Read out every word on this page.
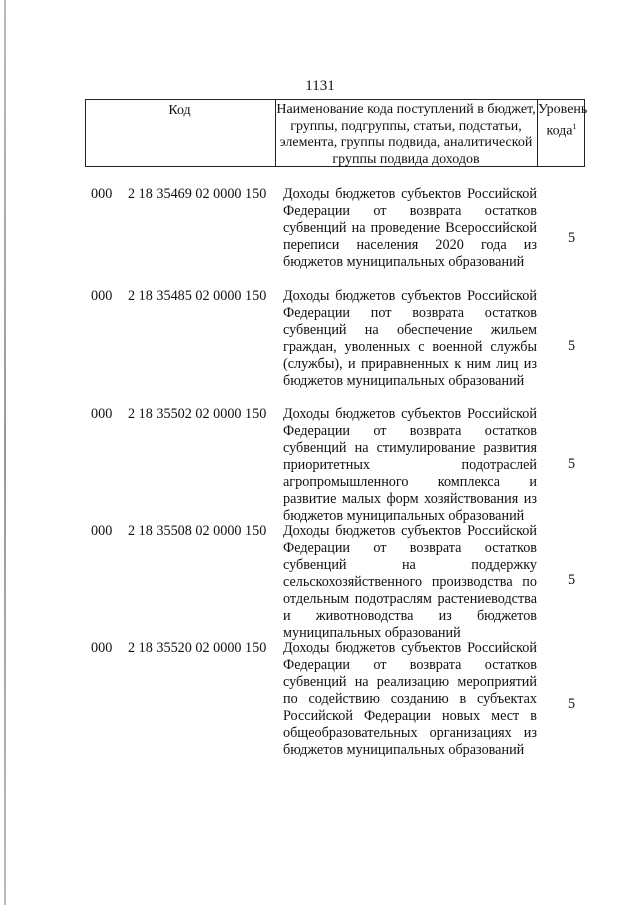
1131
Код	Наименование кода поступлений в бюджет, группы, подгруппы, статьи, подстатьи, элемента, группы подвида, аналитической группы подвида доходов
Уровень кода$^1$
000 2 18 35469 02 0000 150 Доходы бюджетов субъектов Российской Федерации от возврата остатков субвенций на проведение Всероссийской переписи населения 2020 года из бюджетов муниципальных образований
5
000 2 18 35485 02 0000 150 Доходы бюджетов субъектов Российской Федерации пот возврата остатков субвенций на обеспечение жильем граждан, уволенных с военной службы (службы), и приравненных к ним лиц из бюджетов муниципальных образований
5
000 2 18 35502 02 0000 150 Доходы бюджетов субъектов Российской Федерации от возврата остатков субвенций на стимулирование развития приоритетных подотраслей агропромышленного комплекса и развитие малых форм хозяйствования из бюджетов муниципальных образований
5
000 2 18 35508 02 0000 150 Доходы бюджетов субъектов Российской Федерации от возврата остатков субвенций на поддержку сельскохозяйственного производства по отдельным подотраслям растениеводства и животноводства из бюджетов муниципальных образований
5
000 2 18 35520 02 0000 150 Доходы бюджетов субъектов Российской Федерации от возврата остатков субвенций на реализацию мероприятий по содействию созданию в субъектах Российской Федерации новых мест в общеобразовательных организациях из бюджетов муниципальных образований
5
